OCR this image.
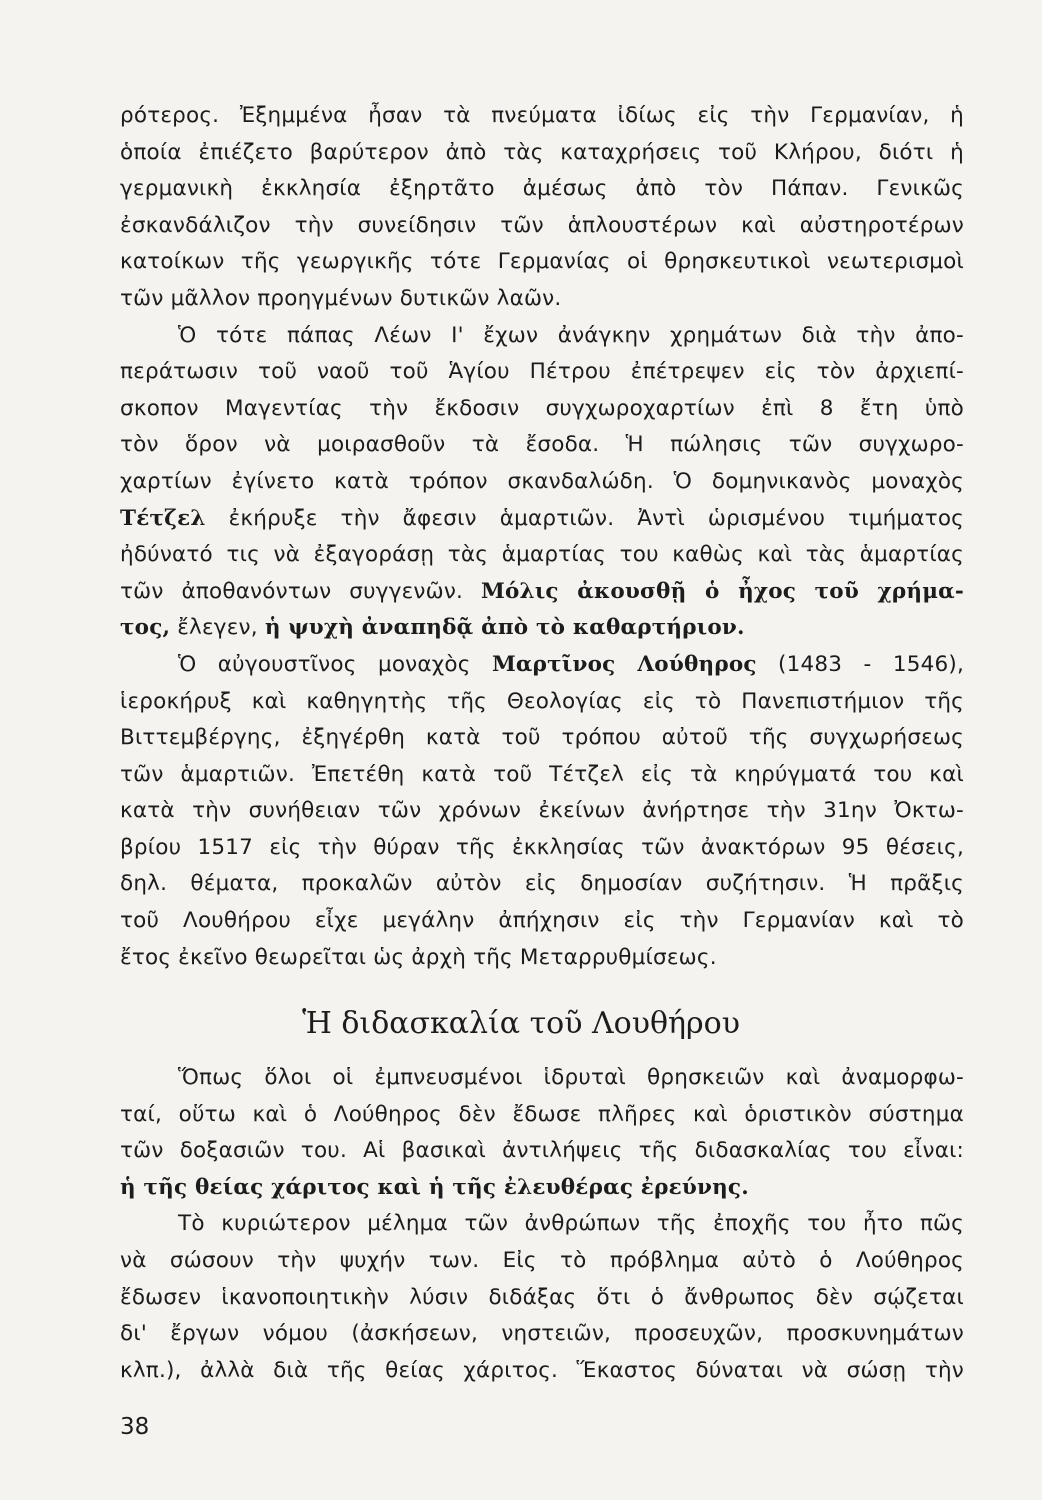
ρότερος. Ἐξημμένα ἦσαν τὰ πνεύματα ἰδίως εἰς τὴν Γερμανίαν, ἡ
ὁποία ἐπιέζετο βαρύτερον ἀπὸ τὰς καταχρήσεις τοῦ Κλήρου, διότι ἡ
γερμανικὴ ἐκκλησία ἐξηρτᾶτο ἀμέσως ἀπὸ τὸν Πάπαν. Γενικῶς
ἐσκανδάλιζον τὴν συνείδησιν τῶν ἁπλουστέρων καὶ αὐστηροτέρων
κατοίκων τῆς γεωργικῆς τότε Γερμανίας οἱ θρησκευτικοὶ νεωτερισμοὶ
τῶν μᾶλλον προηγμένων δυτικῶν λαῶν.
Ὁ τότε πάπας Λέων Ι' ἔχων ἀνάγκην χρημάτων διὰ τὴν ἀπο-
περάτωσιν τοῦ ναοῦ τοῦ Ἁγίου Πέτρου ἐπέτρεψεν εἰς τὸν ἀρχιεπί-
σκοπον Μαγεντίας τὴν ἔκδοσιν συγχωροχαρτίων ἐπὶ 8 ἔτη ὑπὸ
τὸν ὅρον νὰ μοιρασθοῦν τὰ ἔσοδα. Ἡ πώλησις τῶν συγχωρο-
χαρτίων ἐγίνετο κατὰ τρόπον σκανδαλώδη. Ὁ δομηνικανὸς μοναχὸς
Τέτζελ ἐκήρυξε τὴν ἄφεσιν ἁμαρτιῶν. Ἀντὶ ὡρισμένου τιμήματος
ἠδύνατό τις νὰ ἐξαγοράσῃ τὰς ἁμαρτίας του καθὼς καὶ τὰς ἁμαρτίας
τῶν ἀποθανόντων συγγενῶν. Μόλις ἀκουσθῇ ὁ ἦχος τοῦ χρήμα-
τος, ἔλεγεν, ἡ ψυχὴ ἀναπηδᾷ ἀπὸ τὸ καθαρτήριον.
Ὁ αὐγουστῖνος μοναχὸς Μαρτῖνος Λούθηρος (1483 - 1546),
ἱεροκήρυξ καὶ καθηγητὴς τῆς Θεολογίας εἰς τὸ Πανεπιστήμιον τῆς
Βιττεμβέργης, ἐξηγέρθη κατὰ τοῦ τρόπου αὐτοῦ τῆς συγχωρήσεως
τῶν ἁμαρτιῶν. Ἐπετέθη κατὰ τοῦ Τέτζελ εἰς τὰ κηρύγματά του καὶ
κατὰ τὴν συνήθειαν τῶν χρόνων ἐκείνων ἀνήρτησε τὴν 31ην Ὀκτω-
βρίου 1517 εἰς τὴν θύραν τῆς ἐκκλησίας τῶν ἀνακτόρων 95 θέσεις,
δηλ. θέματα, προκαλῶν αὐτὸν εἰς δημοσίαν συζήτησιν. Ἡ πρᾶξις
τοῦ Λουθήρου εἶχε μεγάλην ἀπήχησιν εἰς τὴν Γερμανίαν καὶ τὸ
ἔτος ἐκεῖνο θεωρεῖται ὡς ἀρχὴ τῆς Μεταρρυθμίσεως.
Ἡ διδασκαλία τοῦ Λουθήρου
Ὅπως ὅλοι οἱ ἐμπνευσμένοι ἱδρυταὶ θρησκειῶν καὶ ἀναμορφω-
ταί, οὕτω καὶ ὁ Λούθηρος δὲν ἔδωσε πλῆρες καὶ ὁριστικὸν σύστημα
τῶν δοξασιῶν του. Αἱ βασικαὶ ἀντιλήψεις τῆς διδασκαλίας του εἶναι:
ἡ τῆς θείας χάριτος καὶ ἡ τῆς ἐλευθέρας ἐρεύνης.
Τὸ κυριώτερον μέλημα τῶν ἀνθρώπων τῆς ἐποχῆς του ἦτο πῶς
νὰ σώσουν τὴν ψυχήν των. Εἰς τὸ πρόβλημα αὐτὸ ὁ Λούθηρος
ἔδωσεν ἱκανοποιητικὴν λύσιν διδάξας ὅτι ὁ ἄνθρωπος δὲν σῴζεται
δι' ἔργων νόμου (ἀσκήσεων, νηστειῶν, προσευχῶν, προσκυνημάτων
κλπ.), ἀλλὰ διὰ τῆς θείας χάριτος. Ἕκαστος δύναται νὰ σώσῃ τὴν
38
